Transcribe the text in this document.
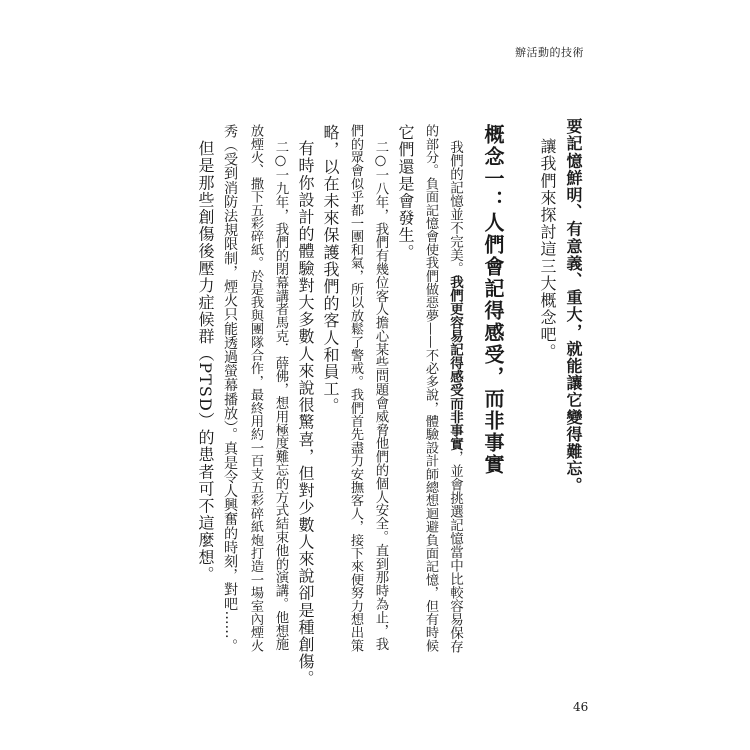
辦活動的技術
要記憶鮮明、有意義、重大，就能讓它變得難忘。
讓我們來探討這三大概念吧。
概念一：人們會記得感受，而非事實
我們的記憶並不完美。我們更容易記得感受而非事實，並會挑選記憶當中比較容易保存
的部分。負面記憶會使我們做惡夢——不必多說，體驗設計師總想迴避負面記憶，但有時候
它們還是會發生。
二○一八年，我們有幾位客人擔心某些問題會威脅他們的個人安全。直到那時為止，我
們的眾會似乎都一團和氣，所以放鬆了警戒。我們首先盡力安撫客人，接下來便努力想出策
略，以在未來保護我們的客人和員工。
有時你設計的體驗對大多數人來說很驚喜，但對少數人來說卻是種創傷。
二○一九年，我們的閉幕講者馬克．薛佛，想用極度難忘的方式結束他的演講。他想施
放煙火、撒下五彩碎紙。於是我與團隊合作，最終用約一百支五彩碎紙炮打造一場室內煙火
秀（受到消防法規限制，煙火只能透過螢幕播放）。真是令人興奮的時刻，對吧……。
但是那些創傷後壓力症候群（PTSD）的患者可不這麼想。
46
